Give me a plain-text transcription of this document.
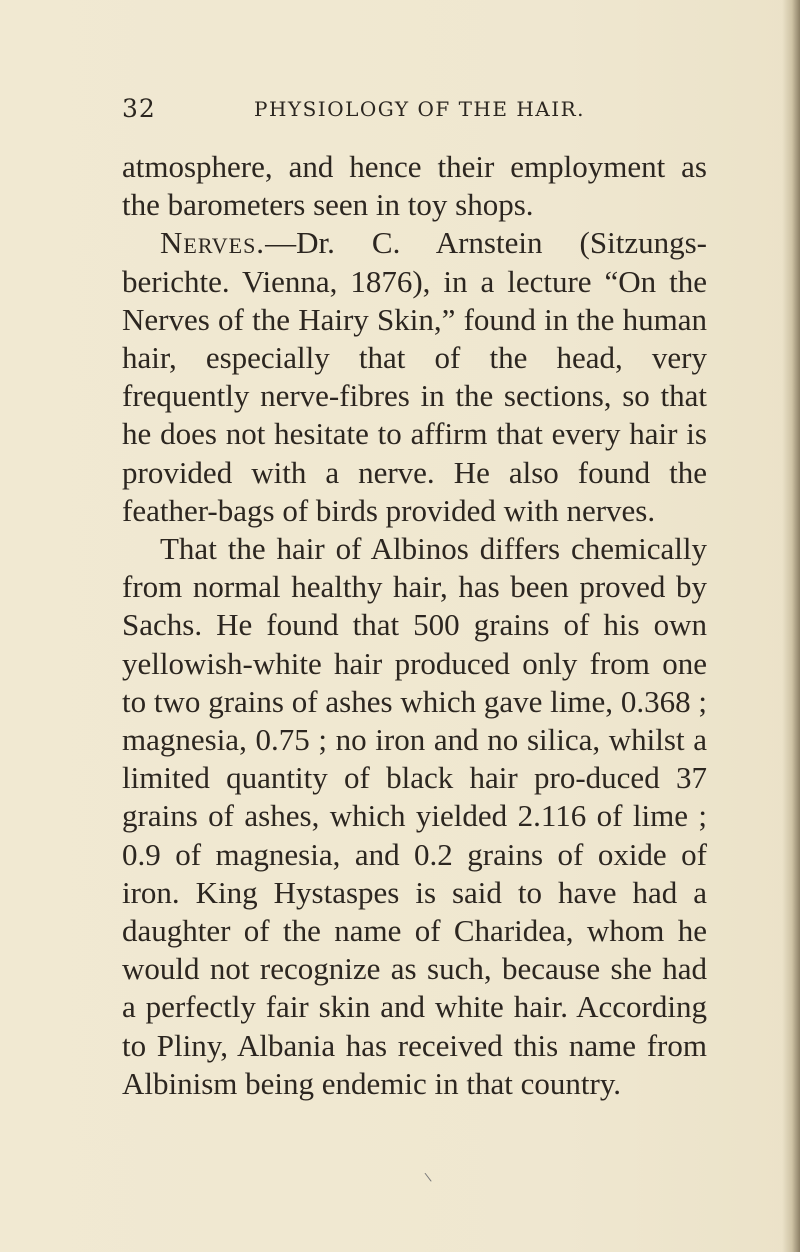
32	PHYSIOLOGY OF THE HAIR.

atmosphere, and hence their employment as the barometers seen in toy shops.

Nerves.—Dr. C. Arnstein (Sitzungs-berichte. Vienna, 1876), in a lecture “On the Nerves of the Hairy Skin,” found in the human hair, especially that of the head, very frequently nerve-fibres in the sections, so that he does not hesitate to affirm that every hair is provided with a nerve. He also found the feather-bags of birds provided with nerves.

That the hair of Albinos differs chemically from normal healthy hair, has been proved by Sachs. He found that 500 grains of his own yellowish-white hair produced only from one to two grains of ashes which gave lime, 0.368 ; magnesia, 0.75 ; no iron and no silica, whilst a limited quantity of black hair pro-duced 37 grains of ashes, which yielded 2.116 of lime ; 0.9 of magnesia, and 0.2 grains of oxide of iron. King Hystaspes is said to have had a daughter of the name of Charidea, whom he would not recognize as such, because she had a perfectly fair skin and white hair. According to Pliny, Albania has received this name from Albinism being endemic in that country.

\
